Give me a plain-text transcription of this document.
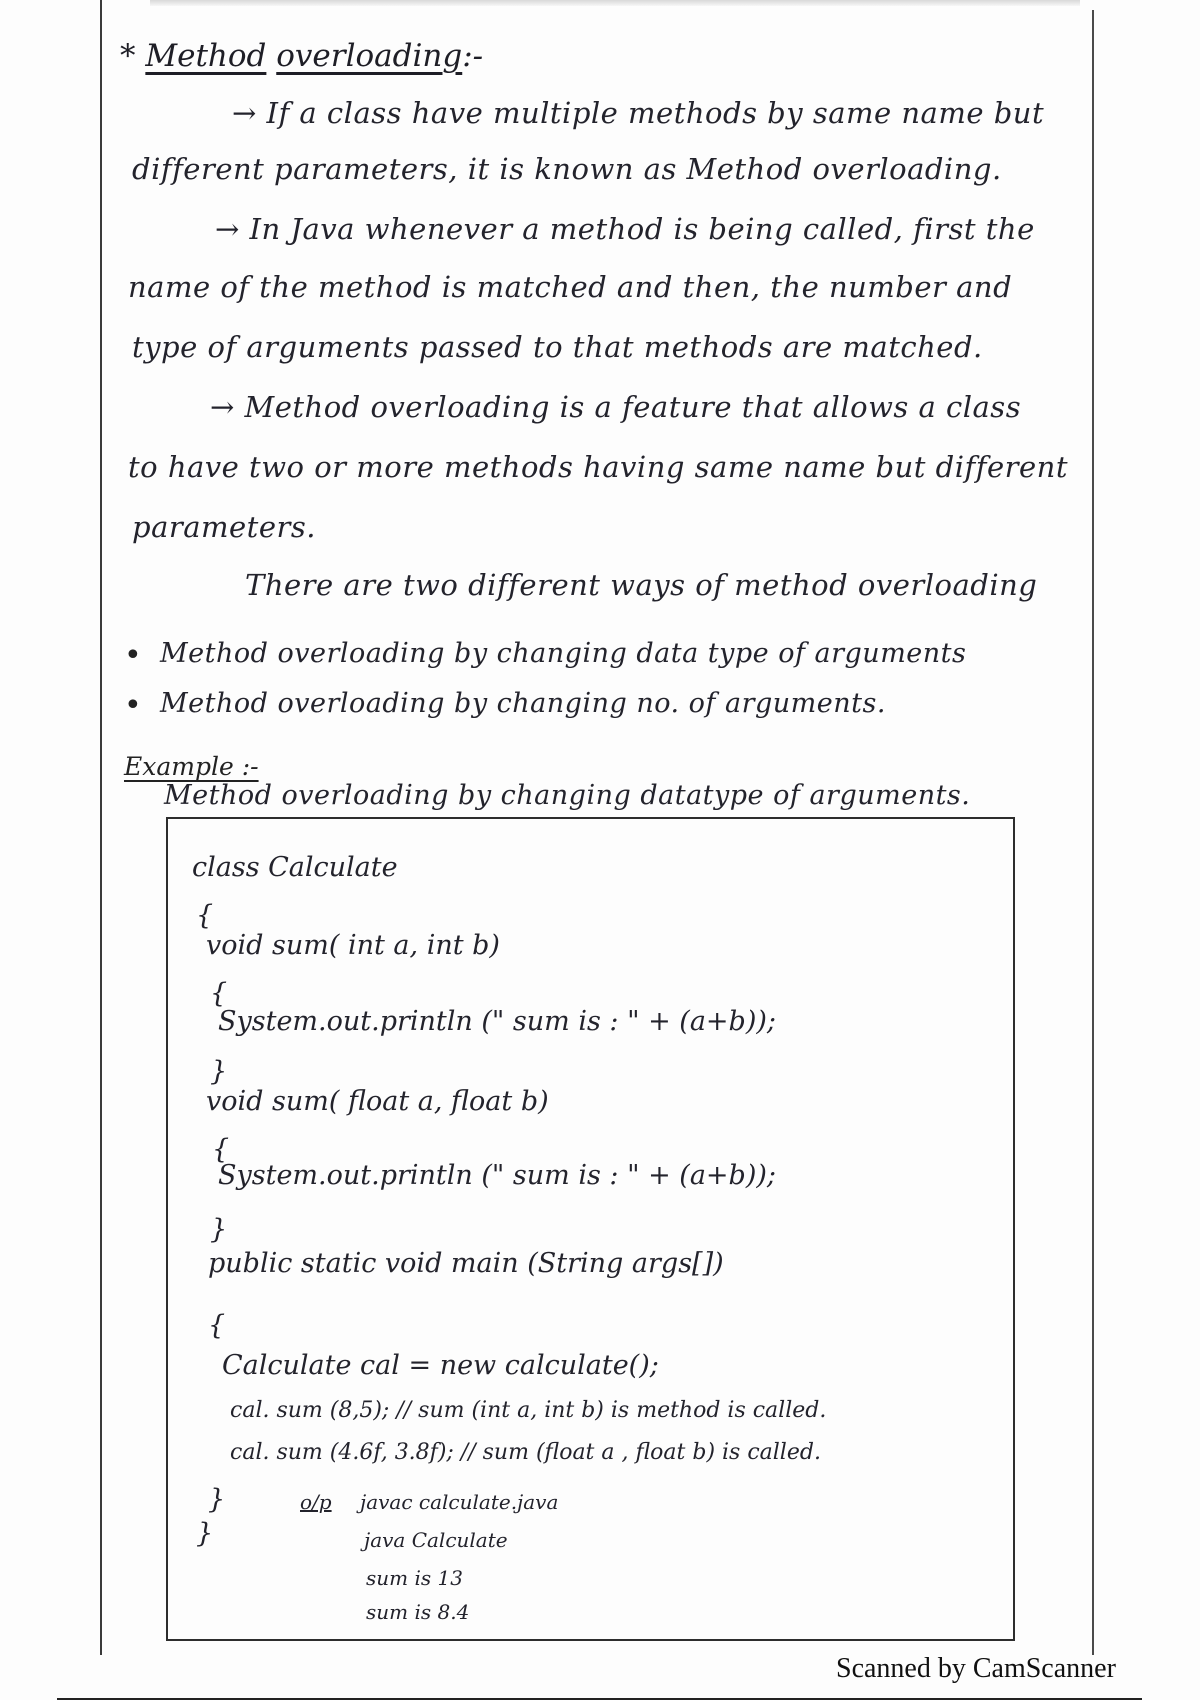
* Method overloading:-
→ If a class have multiple methods by same name but
different parameters, it is known as Method overloading.
→ In Java whenever a method is being called, first the
name of the method is matched and then, the number and
type of arguments passed to that methods are matched.
→ Method overloading is a feature that allows a class
to have two or more methods having same name but different
parameters.
There are two different ways of method overloading
• Method overloading by changing data type of arguments
• Method overloading by changing no. of arguments.
Example :-
Method overloading by changing datatype of arguments.
class Calculate
{
void sum( int a, int b)
{
System.out.println (" sum is : " + (a+b));
}
void sum( float a, float b)
{
System.out.println (" sum is : " + (a+b));
}
public static void main (String args[])
{
Calculate cal = new calculate();
cal. sum (8,5); // sum (int a, int b) is method is called.
cal. sum (4.6f, 3.8f); // sum (float a , float b) is called.
}
}
o/p javac calculate.java
java Calculate
sum is 13
sum is 8.4
Scanned by CamScanner
